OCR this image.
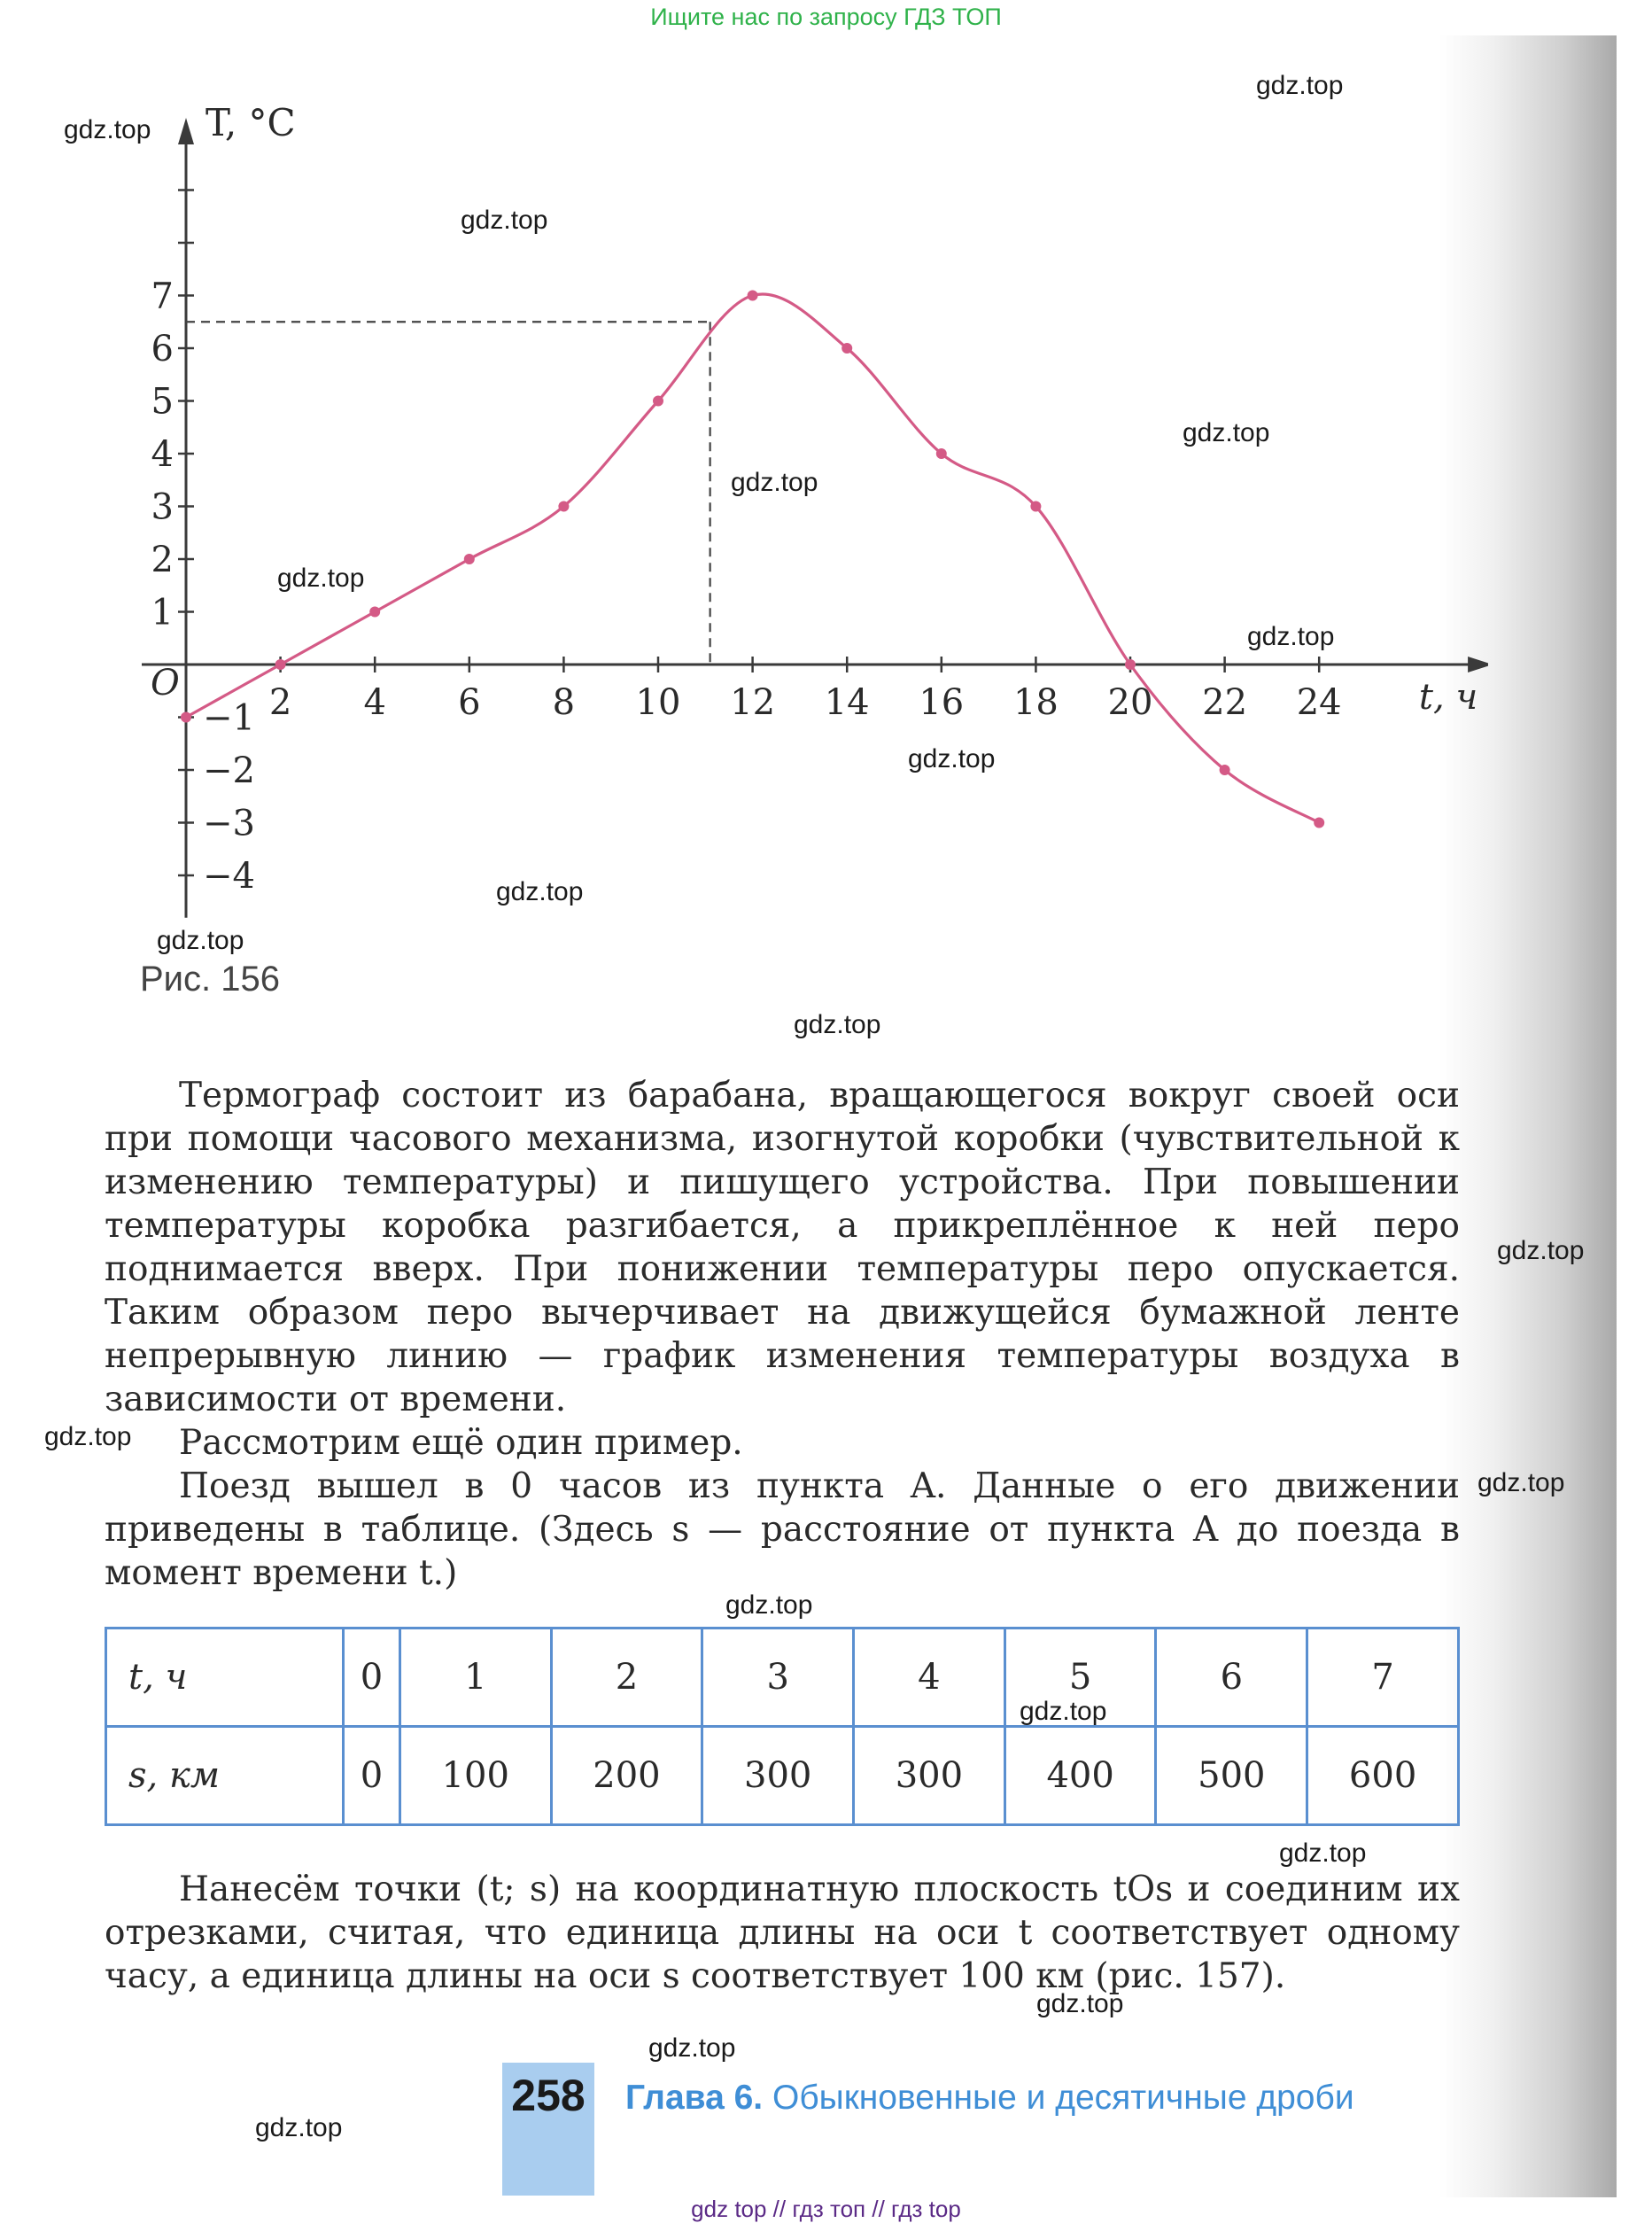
Ищите нас по запросу ГДЗ ТОП
2 4 6 8 10 12 14 16 18 20 22 24
−4
−3
−2
−1
1
2
3
4
5
6
7
O
T, °C
t, ч
Рис. 156

Термограф состоит из барабана, вращающегося вокруг своей оси при помощи часового механизма, изогнутой коробки (чувствительной к изменению температуры) и пишущего устройства. При повышении температуры коробка разгибается, а прикреплённое к ней перо поднимается вверх. При понижении температуры перо опускается. Таким образом перо вычерчивает на движущейся бумажной ленте непрерывную линию — график изменения температуры воздуха в зависимости от времени.

Рассмотрим ещё один пример.

Поезд вышел в 0 часов из пункта A. Данные о его движении приведены в таблице. (Здесь s — расстояние от пункта A до поезда в момент времени t.)

t, ч	0	1	2	3	4	5	6	7
s, км	0	100	200	300	300	400	500	600

Нанесём точки (t; s) на координатную плоскость tOs и соединим их отрезками, считая, что единица длины на оси t соответствует одному часу, а единица длины на оси s соответствует 100 км (рис. 157).

258 Глава 6. Обыкновенные и десятичные дроби
gdz top // гдз топ // гдз top
gdz.top
gdz.top
gdz.top
gdz.top
gdz.top
gdz.top
gdz.top
gdz.top
gdz.top
gdz.top
gdz.top
gdz.top
gdz.top
gdz.top
gdz.top
gdz.top
gdz.top
gdz.top
gdz.top
gdz.top
